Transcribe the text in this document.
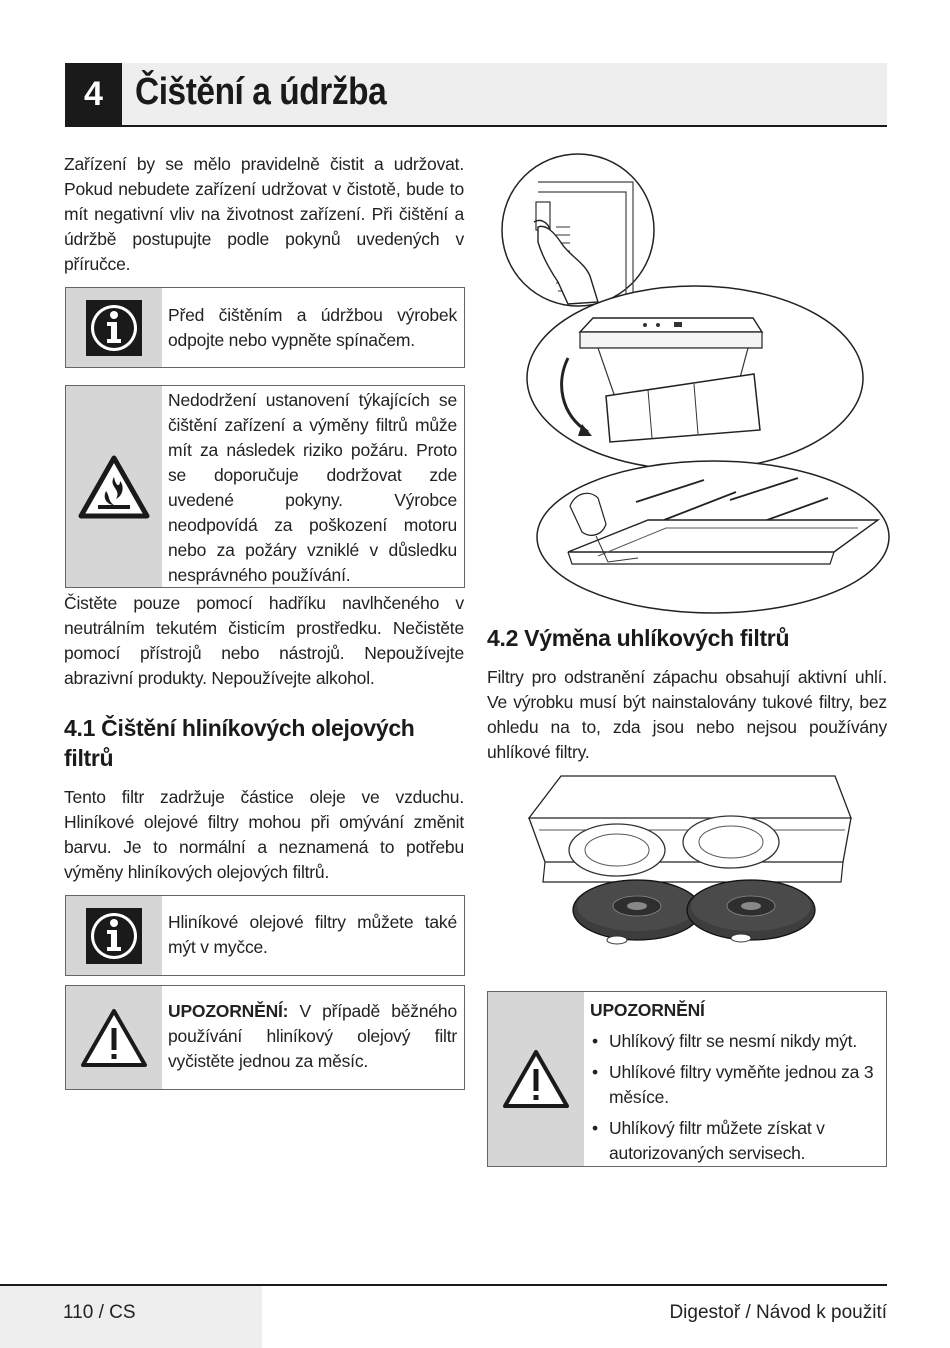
4 Čištění a údržba

Zařízení by se mělo pravidelně čistit a udržovat. Pokud nebudete zařízení udržovat v čistotě, bude to mít negativní vliv na životnost zařízení. Při čištění a údržbě postupujte podle pokynů uvedených v příručce.

Před čištěním a údržbou výrobek odpojte nebo vypněte spínačem.

Nedodržení ustanovení týkajících se čištění zařízení a výměny filtrů může mít za následek riziko požáru. Proto se doporučuje dodržovat zde uvedené pokyny. Výrobce neodpovídá za poškození motoru nebo za požáry vzniklé v důsledku nesprávného používání.

Čistěte pouze pomocí hadříku navlhčeného v neutrálním tekutém čisticím prostředku. Nečistěte pomocí přístrojů nebo nástrojů. Nepoužívejte abrazivní produkty. Nepoužívejte alkohol.

4.1 Čištění hliníkových olejových filtrů

Tento filtr zadržuje částice oleje ve vzduchu. Hliníkové olejové filtry mohou při omývání změnit barvu. Je to normální a neznamená to potřebu výměny hliníkových olejových filtrů.

Hliníkové olejové filtry můžete také mýt v myčce.

UPOZORNĚNÍ: V případě běžného používání hliníkový olejový filtr vyčistěte jednou za měsíc.

4.2 Výměna uhlíkových filtrů

Filtry pro odstranění zápachu obsahují aktivní uhlí. Ve výrobku musí být nainstalovány tukové filtry, bez ohledu na to, zda jsou nebo nejsou používány uhlíkové filtry.

UPOZORNĚNÍ
• Uhlíkový filtr se nesmí nikdy mýt.
• Uhlíkové filtry vyměňte jednou za 3 měsíce.
• Uhlíkový filtr můžete získat v autorizovaných servisech.
110 / CS	Digestoř / Návod k použití
